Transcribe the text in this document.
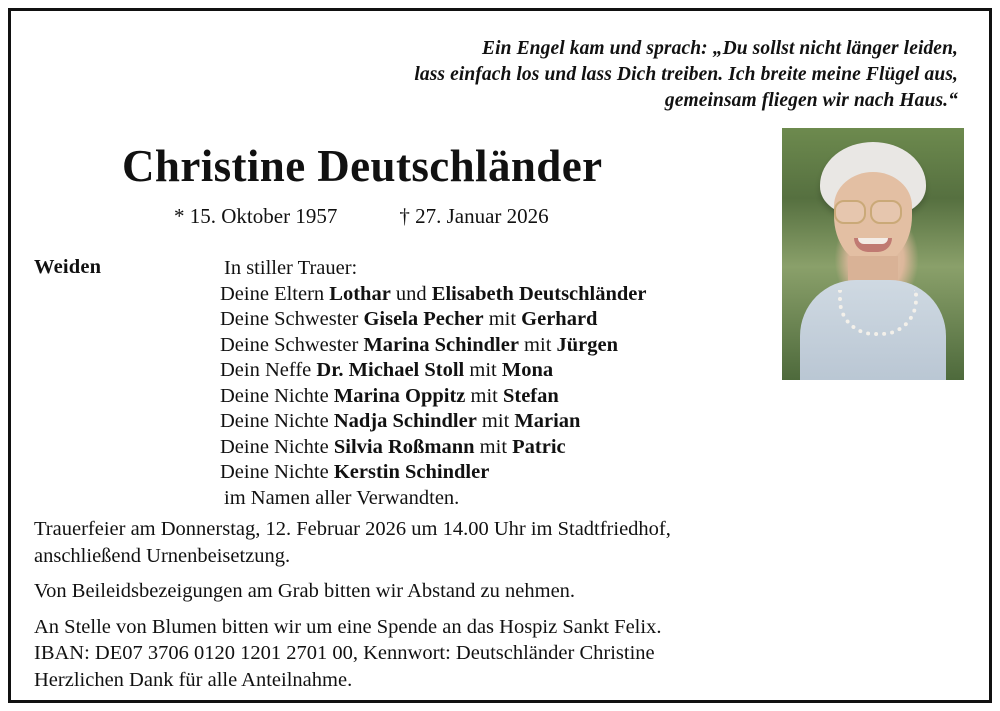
Ein Engel kam und sprach: „Du sollst nicht länger leiden,
lass einfach los und lass Dich treiben. Ich breite meine Flügel aus,
gemeinsam fliegen wir nach Haus.“
Christine Deutschländer
* 15. Oktober 1957	† 27. Januar 2026
Weiden	In stiller Trauer:
Deine Eltern Lothar und Elisabeth Deutschländer
Deine Schwester Gisela Pecher mit Gerhard
Deine Schwester Marina Schindler mit Jürgen
Dein Neffe Dr. Michael Stoll mit Mona
Deine Nichte Marina Oppitz mit Stefan
Deine Nichte Nadja Schindler mit Marian
Deine Nichte Silvia Roßmann mit Patric
Deine Nichte Kerstin Schindler
im Namen aller Verwandten.
Trauerfeier am Donnerstag, 12. Februar 2026 um 14.00 Uhr im Stadtfriedhof,
anschließend Urnenbeisetzung.
Von Beileidsbezeigungen am Grab bitten wir Abstand zu nehmen.
An Stelle von Blumen bitten wir um eine Spende an das Hospiz Sankt Felix.
IBAN: DE07 3706 0120 1201 2701 00, Kennwort: Deutschländer Christine
Herzlichen Dank für alle Anteilnahme.
